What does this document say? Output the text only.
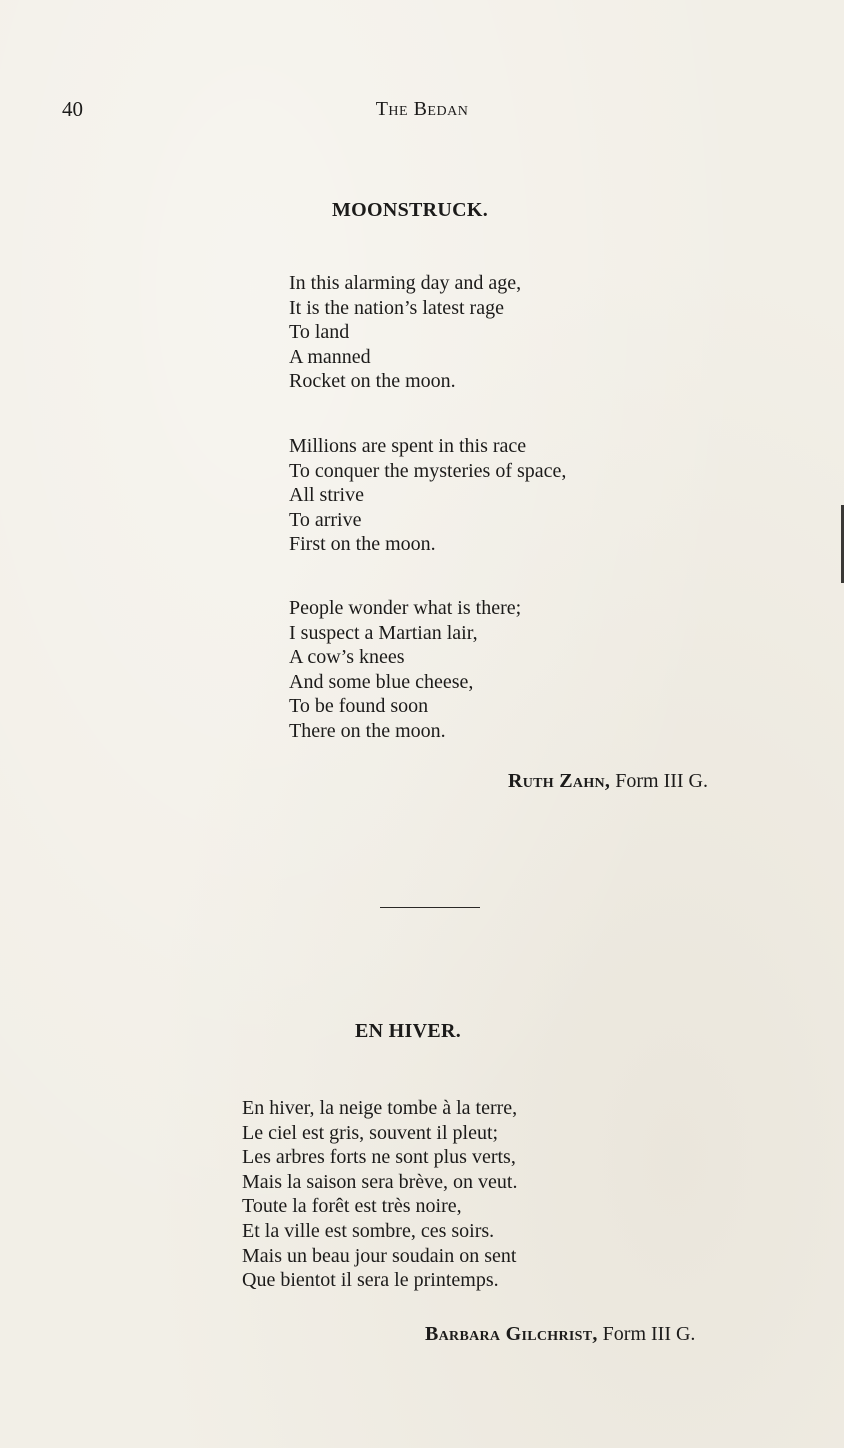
40	The Bedan
MOONSTRUCK.
In this alarming day and age,
It is the nation’s latest rage
To land
A manned
Rocket on the moon.
Millions are spent in this race
To conquer the mysteries of space,
All strive
To arrive
First on the moon.
People wonder what is there;
I suspect a Martian lair,
A cow’s knees
And some blue cheese,
To be found soon
There on the moon.
Ruth Zahn, Form III G.
EN HIVER.
En hiver, la neige tombe à la terre,
Le ciel est gris, souvent il pleut;
Les arbres forts ne sont plus verts,
Mais la saison sera brève, on veut.
Toute la forêt est très noire,
Et la ville est sombre, ces soirs.
Mais un beau jour soudain on sent
Que bientot il sera le printemps.
Barbara Gilchrist, Form III G.
